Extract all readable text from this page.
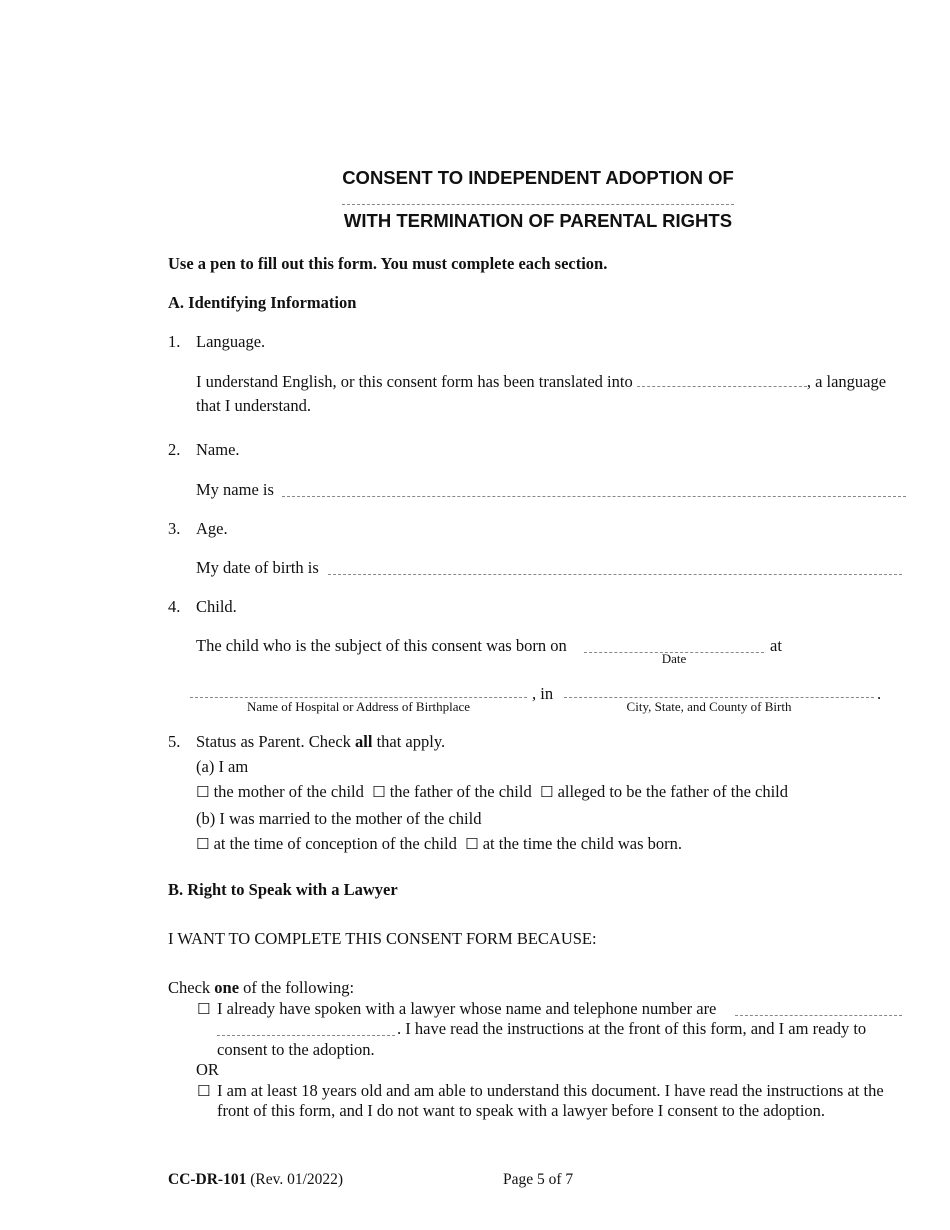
CONSENT TO INDEPENDENT ADOPTION OF
WITH TERMINATION OF PARENTAL RIGHTS
Use a pen to fill out this form. You must complete each section.
A. Identifying Information
1. Language.
I understand English, or this consent form has been translated into	, a language
that I understand.
2. Name.
My name is
3. Age.
My date of birth is
4. Child.
The child who is the subject of this consent was born on	at
Date
, in	.
Name of Hospital or Address of Birthplace	City, State, and County of Birth
5. Status as Parent. Check all that apply.
(a) I am
☐ the mother of the child ☐ the father of the child ☐ alleged to be the father of the child
(b) I was married to the mother of the child
☐ at the time of conception of the child ☐ at the time the child was born.
B. Right to Speak with a Lawyer
I WANT TO COMPLETE THIS CONSENT FORM BECAUSE:
Check one of the following:
☐ I already have spoken with a lawyer whose name and telephone number are
. I have read the instructions at the front of this form, and I am ready to
consent to the adoption.
OR
☐ I am at least 18 years old and am able to understand this document. I have read the instructions at the
front of this form, and I do not want to speak with a lawyer before I consent to the adoption.
CC-DR-101 (Rev. 01/2022)	Page 5 of 7
